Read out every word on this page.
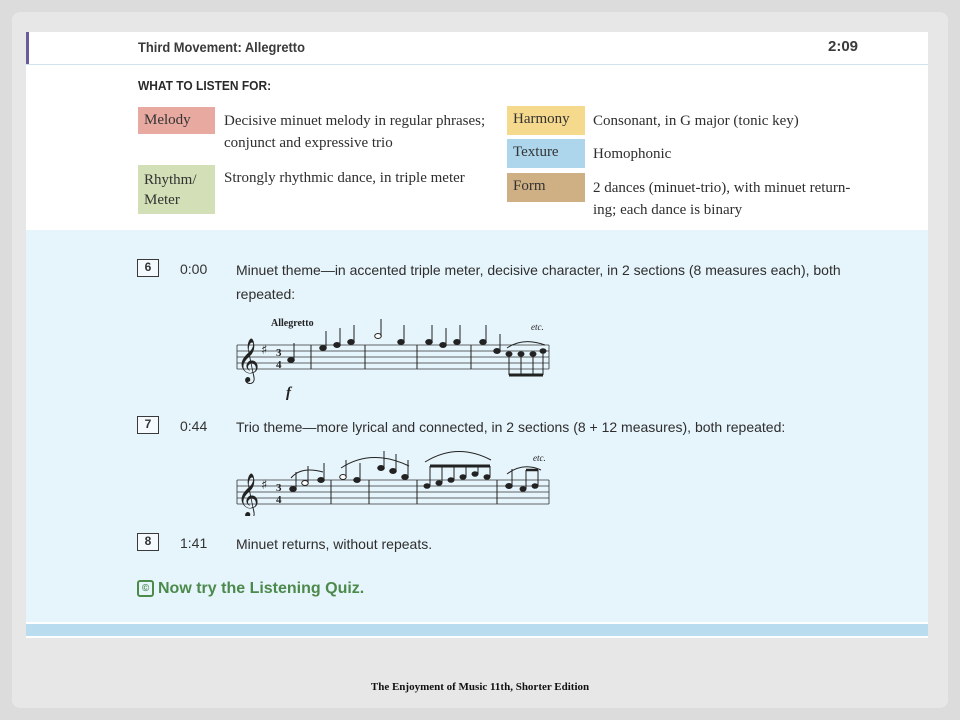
Third Movement: Allegretto	2:09
WHAT TO LISTEN FOR:
Melody	Decisive minuet melody in regular phrases;
conjunct and expressive trio
Rhythm/
Meter
Strongly rhythmic dance, in triple meter
Harmony	Consonant, in G major (tonic key)
Texture	Homophonic
Form	2 dances (minuet-trio), with minuet return-
ing; each dance is binary
6	0:00 Minuet theme—in accented triple meter, decisive character, in 2 sections (8 measures each), both
repeated:
Allegretto	etc.
𝄞 ♯ 3
4
f
7	0:44 Trio theme—more lyrical and connected, in 2 sections (8 + 12 measures), both repeated:
etc.
𝄞 ♯ 3
4
8	1:41 Minuet returns, without repeats.
© Now try the Listening Quiz.
The Enjoyment of Music 11th, Shorter Edition
